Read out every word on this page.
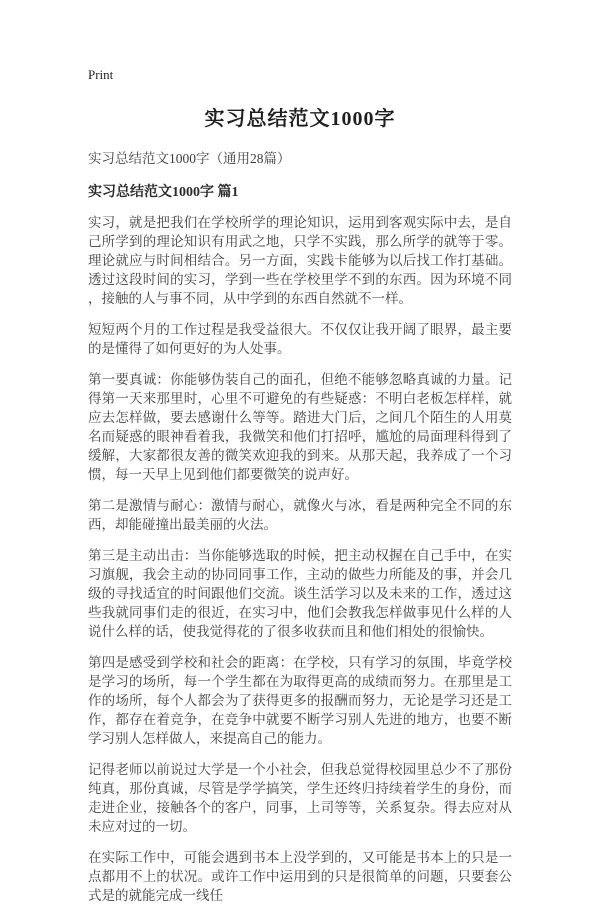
Print
实习总结范文1000字
实习总结范文1000字（通用28篇）
实习总结范文1000字 篇1

实习，就是把我们在学校所学的理论知识，运用到客观实际中去，是自己所学到的理论知识有用武之地，只学不实践，那么所学的就等于零。理论就应与时间相结合。另一方面，实践卡能够为以后找工作打基础。透过这段时间的实习，学到一些在学校里学不到的东西。因为环境不同，接触的人与事不同，从中学到的东西自然就不一样。

短短两个月的工作过程是我受益很大。不仅仅让我开阔了眼界，最主要的是懂得了如何更好的为人处事。

第一要真诚：你能够伪装自己的面孔，但绝不能够忽略真诚的力量。记得第一天来那里时，心里不可避免的有些疑惑：不明白老板怎样样，就应去怎样做，要去感谢什么等等。踏进大门后，之间几个陌生的人用莫名而疑惑的眼神看着我，我微笑和他们打招呼，尴尬的局面理科得到了缓解，大家都很友善的微笑欢迎我的到来。从那天起，我养成了一个习惯，每一天早上见到他们都要微笑的说声好。

第二是激情与耐心：激情与耐心，就像火与冰，看是两种完全不同的东西，却能碰撞出最美丽的火法。

第三是主动出击：当你能够选取的时候，把主动权握在自己手中，在实习旗舰，我会主动的协同同事工作，主动的做些力所能及的事，并会几级的寻找适宜的时间跟他们交流。谈生活学习以及未来的工作，透过这些我就同事们走的很近，在实习中，他们会教我怎样做事见什么样的人说什么样的话，使我觉得花的了很多收获而且和他们相处的很愉快。

第四是感受到学校和社会的距离：在学校，只有学习的氛围，毕竟学校是学习的场所，每一个学生都在为取得更高的成绩而努力。在那里是工作的场所，每个人都会为了获得更多的报酬而努力，无论是学习还是工作，都存在着竞争，在竞争中就要不断学习别人先进的地方，也要不断学习别人怎样做人，来提高自己的能力。

记得老师以前说过大学是一个小社会，但我总觉得校园里总少不了那份纯真，那份真诚，尽管是学学搞笑，学生还终归持续着学生的身份，而走进企业，接触各个的客户，同事，上司等等，关系复杂。得去应对从未应对过的一切。

在实际工作中，可能会遇到书本上没学到的，又可能是书本上的只是一点都用不上的状况。或许工作中运用到的只是很简单的问题，只要套公式是的就能完成一线任
